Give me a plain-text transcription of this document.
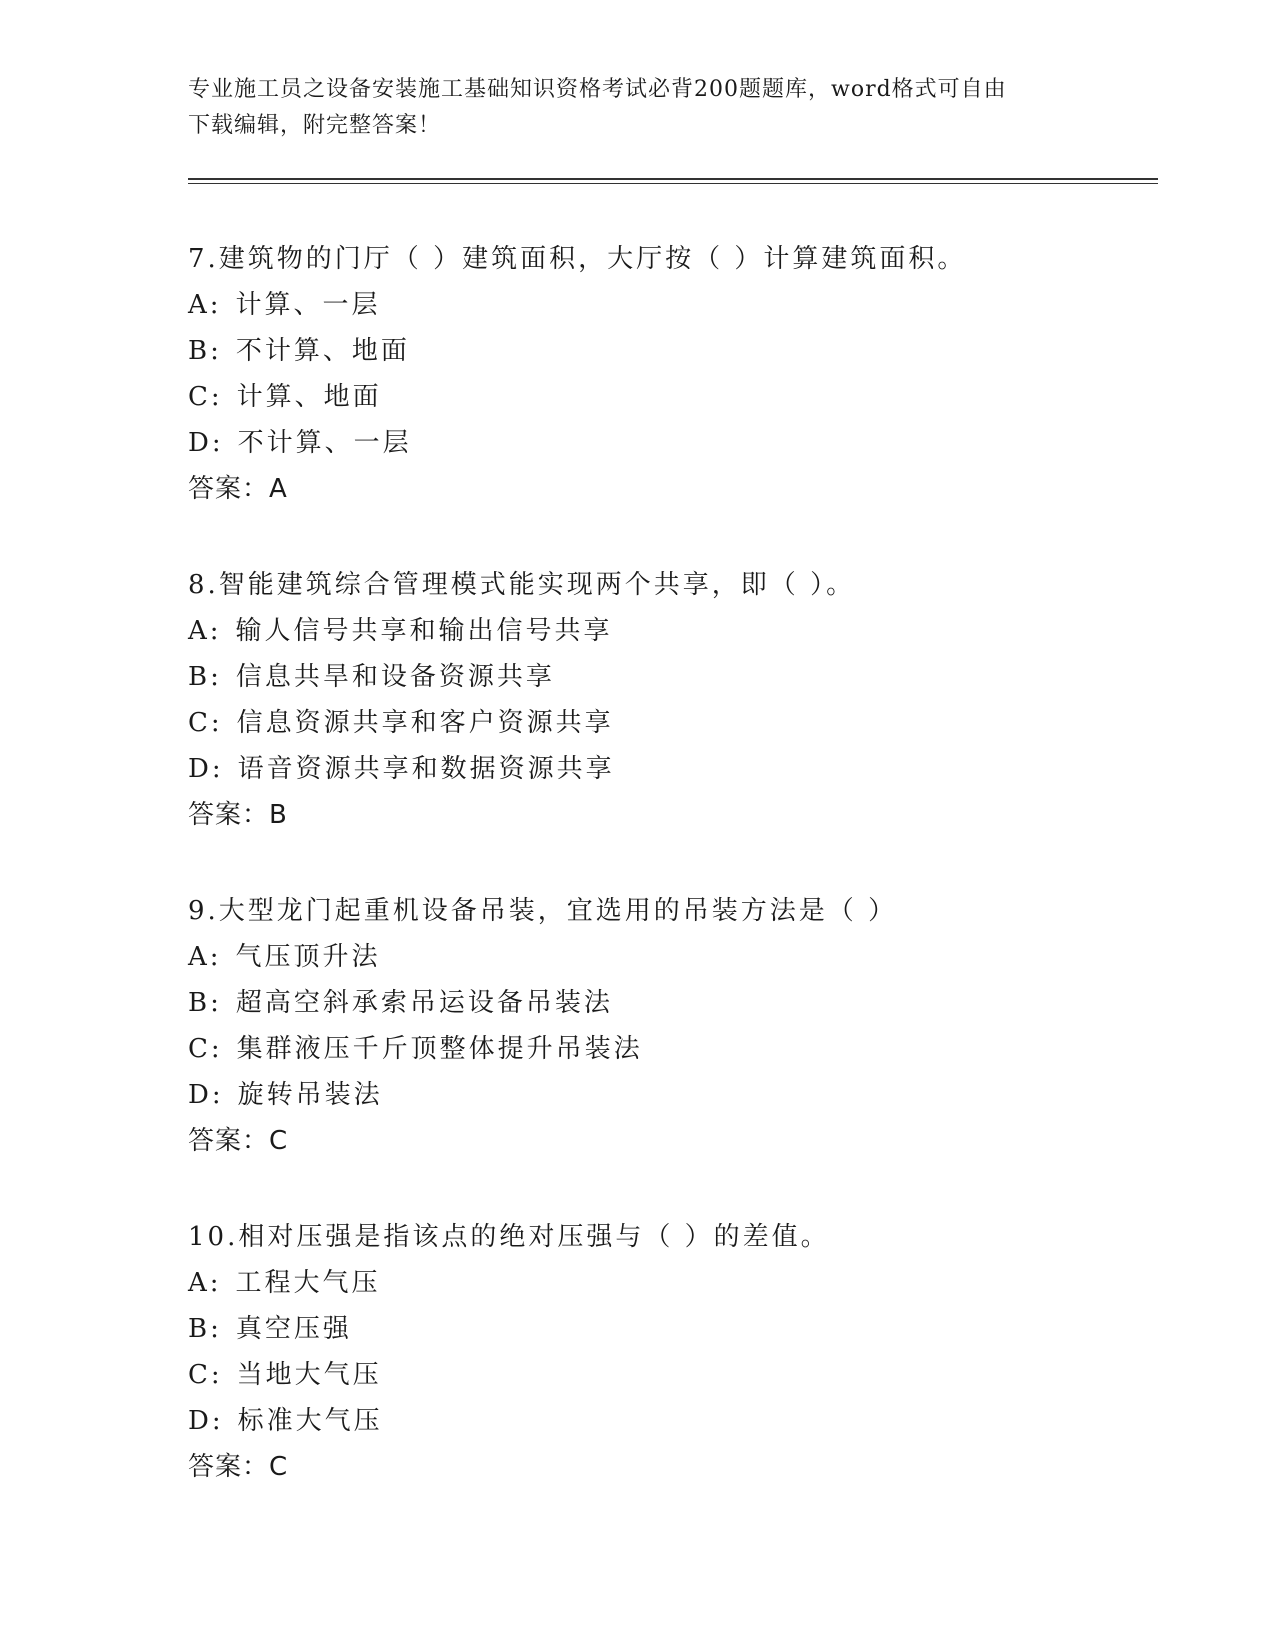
专业施工员之设备安装施工基础知识资格考试必背200题题库，word格式可自由
下载编辑，附完整答案！
7.建筑物的门厅（ ）建筑面积，大厅按（ ）计算建筑面积。
A: 计算、一层
B: 不计算、地面
C: 计算、地面
D: 不计算、一层
答案：A
8.智能建筑综合管理模式能实现两个共享，即（ ）。
A: 输人信号共享和输出信号共享
B: 信息共旱和设备资源共享
C: 信息资源共享和客户资源共享
D: 语音资源共享和数据资源共享
答案：B
9.大型龙门起重机设备吊装，宜选用的吊装方法是（ ）
A: 气压顶升法
B: 超高空斜承索吊运设备吊装法
C: 集群液压千斤顶整体提升吊装法
D: 旋转吊装法
答案：C
10.相对压强是指该点的绝对压强与（ ）的差值。
A: 工程大气压
B: 真空压强
C: 当地大气压
D: 标准大气压
答案：C
